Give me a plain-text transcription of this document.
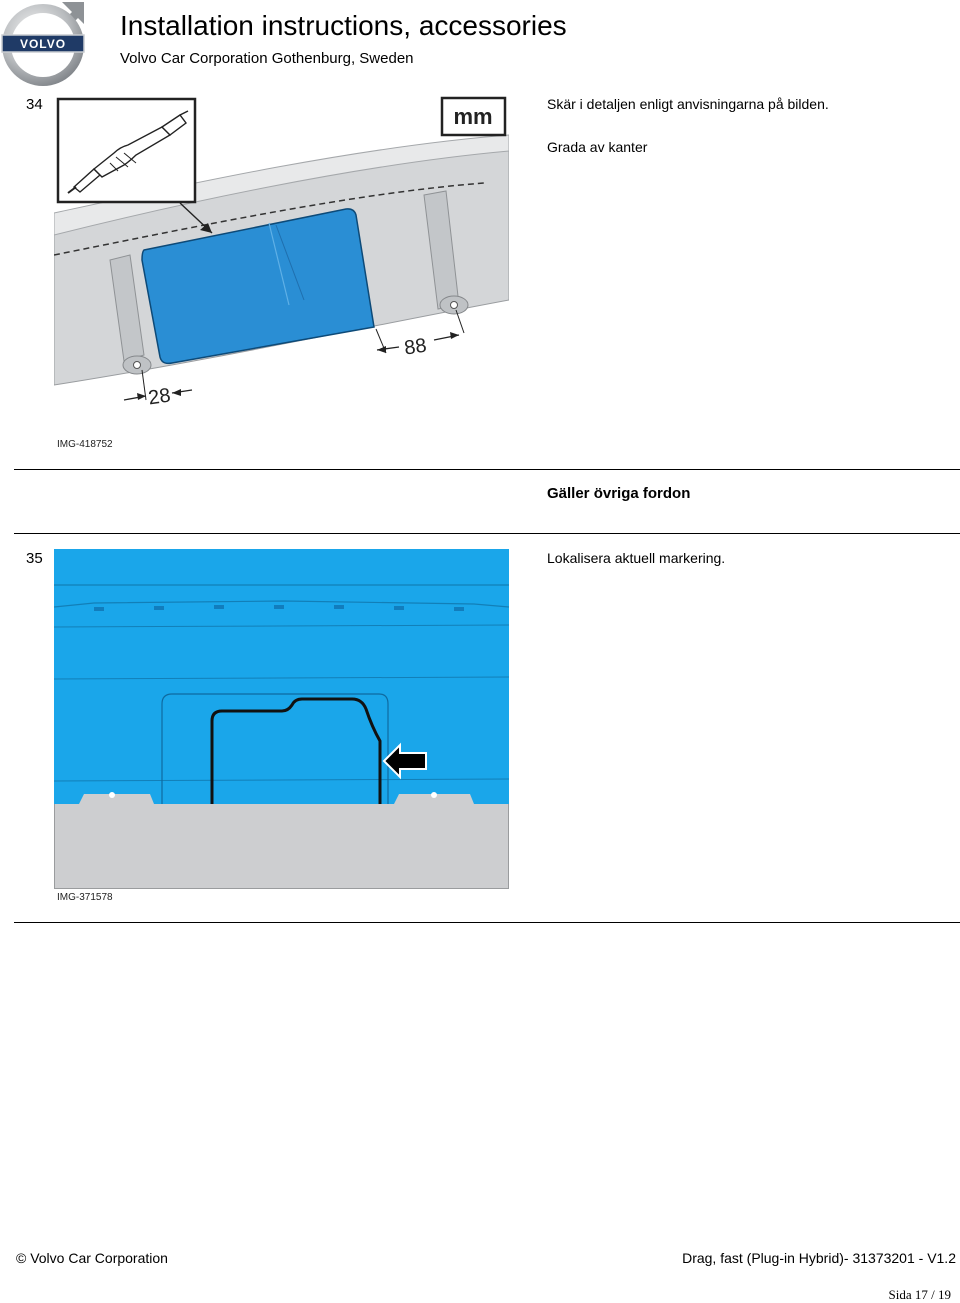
VOLVO
Installation instructions, accessories
Volvo Car Corporation Gothenburg, Sweden
34
88
28
mm	Skär i detaljen enligt anvisningarna på bilden.
Grada av kanter
IMG-418752
Gäller övriga fordon
35	Lokalisera aktuell markering.
IMG-371578
© Volvo Car Corporation	Drag, fast (Plug-in Hybrid)- 31373201 - V1.2
Sida 17 / 19
